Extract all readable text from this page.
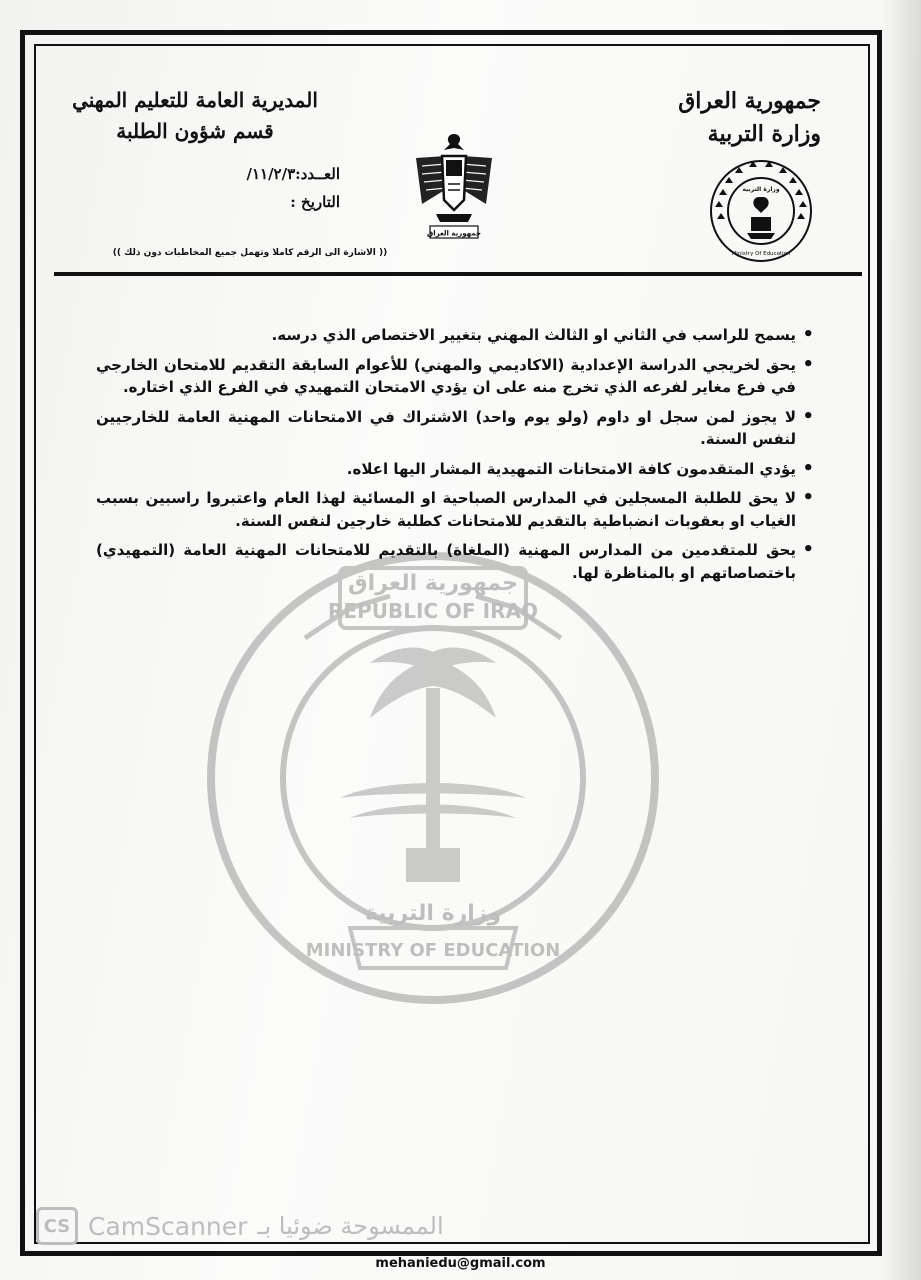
جمهورية العراق
وزارة التربية
المديرية العامة للتعليم المهني
قسم شؤون الطلبة
العــدد:١١/٢/٣/
التاريخ :
جمهورية العراق
وزارة التربية
Ministry Of Education
(( الاشارة الى الرقم كاملا وتهمل جميع المخاطبات دون ذلك ))
جمهورية العراق
REPUBLIC OF IRAQ
وزارة التربية
MINISTRY OF EDUCATION
• يسمح للراسب في الثاني او الثالث المهني بتغيير الاختصاص الذي درسه.
• يحق لخريجي الدراسة الإعدادية (الاكاديمي والمهني) للأعوام السابقة التقديم للامتحان الخارجي في فرع مغاير لفرعه الذي تخرج منه على ان يؤدي الامتحان التمهيدي في الفرع الذي اختاره.
• لا يجوز لمن سجل او داوم (ولو يوم واحد) الاشتراك في الامتحانات المهنية العامة للخارجيين لنفس السنة.
• يؤدي المتقدمون كافة الامتحانات التمهيدية المشار اليها اعلاه.
• لا يحق للطلبة المسجلين في المدارس الصباحية او المسائية لهذا العام واعتبروا راسبين بسبب الغياب او بعقوبات انضباطية بالتقديم للامتحانات كطلبة خارجين لنفس السنة.
• يحق للمتقدمين من المدارس المهنية (الملغاة) بالتقديم للامتحانات المهنية العامة (التمهيدي) باختصاصاتهم او بالمناظرة لها.
CS CamScanner الممسوحة ضوئيا بـ
mehaniedu@gmail.com
